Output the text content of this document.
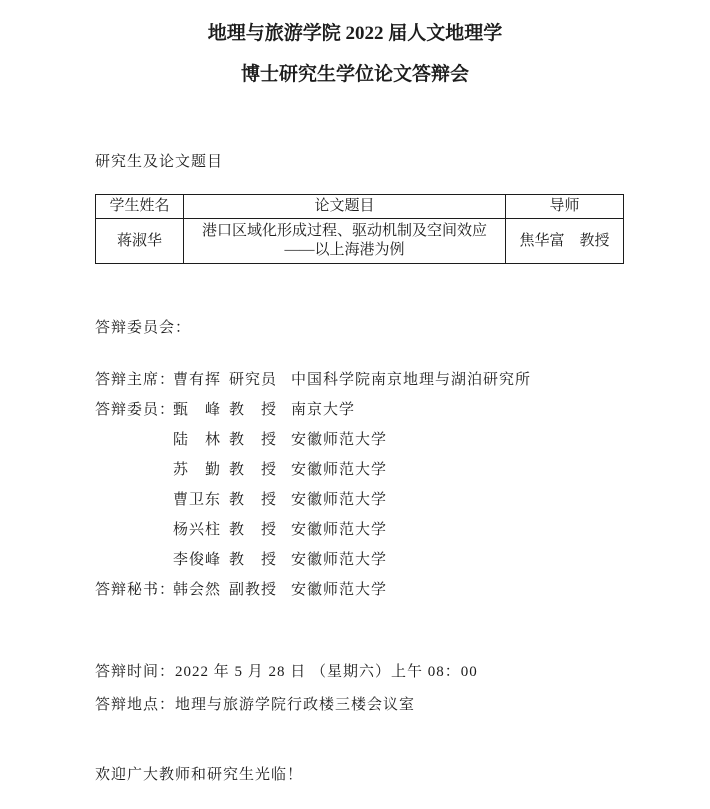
地理与旅游学院 2022 届人文地理学
博士研究生学位论文答辩会
研究生及论文题目
学生姓名	论文题目	导师
蒋淑华	港口区域化形成过程、驱动机制及空间效应——以上海港为例	焦华富　教授
答辩委员会：
答辩主席：
曹有挥 研究员 中国科学院南京地理与湖泊研究所
答辩委员：
甄　峰 教　授 南京大学
陆　林 教　授 安徽师范大学
苏　勤 教　授 安徽师范大学
曹卫东 教　授 安徽师范大学
杨兴柱 教　授 安徽师范大学
李俊峰 教　授 安徽师范大学
答辩秘书：
韩会然 副教授 安徽师范大学
答辩时间： 2022 年 5 月 28 日 （星期六）上午 08：00
答辩地点： 地理与旅游学院行政楼三楼会议室
欢迎广大教师和研究生光临！
